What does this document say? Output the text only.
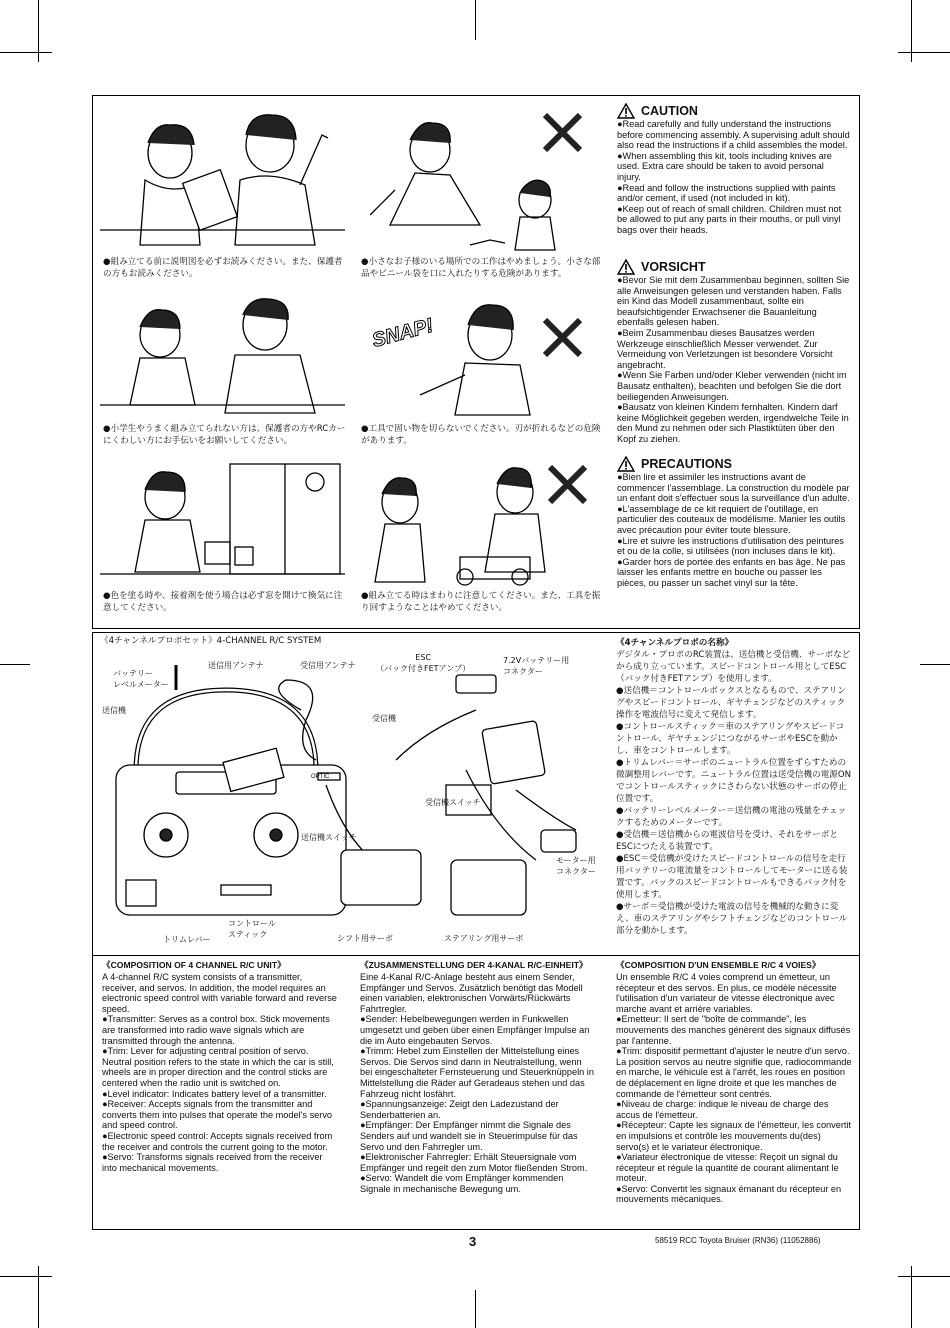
●組み立てる前に説明図を必ずお読みください。また、保護者の方もお読みください。
●小さなお子様のいる場所での工作はやめましょう。小さな部品やビニール袋を口に入れたりする危険があります。
SNAP!
●小学生やうまく組み立てられない方は、保護者の方やRCカーにくわしい方にお手伝いをお願いしてください。
●工具で固い物を切らないでください。刃が折れるなどの危険があります。
●色を塗る時や、接着剤を使う場合は必ず窓を開けて換気に注意してください。
●組み立てる時はまわりに注意してください。また、工具を振り回すようなことはやめてください。
CAUTION

●Read carefully and fully understand the instructions before commencing assembly. A supervising adult should also read the instructions if a child assembles the model.

●When assembling this kit, tools including knives are used. Extra care should be taken to avoid personal injury.

●Read and follow the instructions supplied with paints and/or cement, if used (not included in kit).

●Keep out of reach of small children. Children must not be allowed to put any parts in their mouths, or pull vinyl bags over their heads.

VORSICHT

●Bevor Sie mit dem Zusammenbau beginnen, sollten Sie alle Anweisungen gelesen und verstanden haben. Falls ein Kind das Modell zusammenbaut, sollte ein beaufsichtigender Erwachsener die Bauanleitung ebenfalls gelesen haben.

●Beim Zusammenbau dieses Bausatzes werden Werkzeuge einschließlich Messer verwendet. Zur Vermeidung von Verletzungen ist besondere Vorsicht angebracht.

●Wenn Sie Farben und/oder Kleber verwenden (nicht im Bausatz enthalten), beachten und befolgen Sie die dort beiliegenden Anweisungen.

●Bausatz von kleinen Kindern fernhalten. Kindern darf keine Möglichkeit gegeben werden, irgendwelche Teile in den Mund zu nehmen oder sich Plastiktüten über den Kopf zu ziehen.

PRECAUTIONS

●Bien lire et assimiler les instructions avant de commencer l'assemblage. La construction du modèle par un enfant doit s'effectuer sous la surveillance d'un adulte.

●L'assemblage de ce kit requiert de l'outillage, en particulier des couteaux de modélisme. Manier les outils avec précaution pour éviter toute blessure.

●Lire et suivre les instructions d'utilisation des peintures et ou de la colle, si utilisées (non incluses dans le kit).

●Garder hors de portée des enfants en bas âge. Ne pas laisser les enfants mettre en bouche ou passer les pièces, ou passer un sachet vinyl sur la tête.

《4チャンネルプロポセット》4-CHANNEL R/C SYSTEM
OPTIC
バッテリー
レベルメーター
送信用アンテナ	受信用アンテナ
ESC
（バック付きFETアンプ）
7.2Vバッテリー用
コネクター
送信機
受信機
受信機スイッチ
送信機スイッチ
モーター用
コネクター
コントロール
スティック
トリムレバー	シフト用サーボ	ステアリング用サーボ

《4チャンネルプロポの名称》

デジタル・プロポのRC装置は、送信機と受信機、サーボなどから成り立っています。スピードコントロール用としてESC（バック付きFETアンプ）を使用します。

●送信機＝コントロールボックスとなるもので、ステアリングやスピードコントロール、ギヤチェンジなどのスティック操作を電波信号に変えて発信します。

●コントロールスティック＝車のステアリングやスピードコントロール、ギヤチェンジにつながるサーボやESCを動かし、車をコントロールします。

●トリムレバー＝サーボのニュートラル位置をずらすための微調整用レバーです。ニュートラル位置は送受信機の電源ONでコントロールスティックにさわらない状態のサーボの停止位置です。

●バッテリーレベルメーター＝送信機の電池の残量をチェックするためのメーターです。

●受信機＝送信機からの電波信号を受け、それをサーボとESCにつたえる装置です。

●ESC＝受信機が受けたスピードコントロールの信号を走行用バッテリーの電流量をコントロールしてモーターに送る装置です。バックのスピードコントロールもできるバック付を使用します。

●サーボ＝受信機が受けた電波の信号を機械的な動きに変え、車のステアリングやシフトチェンジなどのコントロール部分を動かします。

《COMPOSITION OF 4 CHANNEL R/C UNIT》

A 4-channel R/C system consists of a transmitter, receiver, and servos. In addition, the model requires an electronic speed control with variable forward and reverse speed.

●Transmitter: Serves as a control box. Stick movements are transformed into radio wave signals which are transmitted through the antenna.

●Trim: Lever for adjusting central position of servo. Neutral position refers to the state in which the car is still, wheels are in proper direction and the control sticks are centered when the radio unit is switched on.

●Level indicator: Indicates battery level of a transmitter.

●Receiver: Accepts signals from the transmitter and converts them into pulses that operate the model's servo and speed control.

●Electronic speed control: Accepts signals received from the receiver and controls the current going to the motor.

●Servo: Transforms signals received from the receiver into mechanical movements.

《ZUSAMMENSTELLUNG DER 4-KANAL R/C-EINHEIT》

Eine 4-Kanal R/C-Anlage besteht aus einem Sender, Empfänger und Servos. Zusätzlich benötigt das Modell einen variablen, elektronischen Vorwärts/Rückwärts Fahrtregler.

●Sender: Hebelbewegungen werden in Funkwellen umgesetzt und geben über einen Empfänger Impulse an die im Auto eingebauten Servos.

●Trimm: Hebel zum Einstellen der Mittelstellung eines Servos. Die Servos sind dann in Neutralstellung, wenn bei eingeschalteter Fernsteuerung und Steuerknüppeln in Mittelstellung die Räder auf Geradeaus stehen und das Fahrzeug nicht losfährt.

●Spannungsanzeige: Zeigt den Ladezustand der Senderbatterien an.

●Empfänger: Der Empfänger nimmt die Signale des Senders auf und wandelt sie in Steuerimpulse für das Servo und den Fahrregler um.

●Elektronischer Fahrregler: Erhält Steuersignale vom Empfänger und regelt den zum Motor fließenden Strom.

●Servo: Wandelt die vom Empfänger kommenden Signale in mechanische Bewegung um.

《COMPOSITION D'UN ENSEMBLE R/C 4 VOIES》

Un ensemble R/C 4 voies comprend un émetteur, un récepteur et des servos. En plus, ce modèle nécessite l'utilisation d'un variateur de vitesse électronique avec marche avant et arrière variables.

●Emetteur: Il sert de "boîte de commande", les mouvements des manches génèrent des signaux diffusés par l'antenne.

●Trim: dispositif permettant d'ajuster le neutre d'un servo. La position servos au neutre signifie que, radiocommande en marche, le véhicule est à l'arrêt, les roues en position de déplacement en ligne droite et que les manches de commande de l'émetteur sont centrés.

●Niveau de charge: indique le niveau de charge des accus de l'émetteur.

●Récepteur: Capte les signaux de l'émetteur, les convertit en impulsions et contrôle les mouvements du(des) servo(s) et le variateur électronique.

●Variateur électronique de vitesse: Reçoit un signal du récepteur et régule la quantité de courant alimentant le moteur.

●Servo: Convertit les signaux émanant du récepteur en mouvements mécaniques.

3	58519 RCC Toyota Bruiser (RN36) (11052886)
